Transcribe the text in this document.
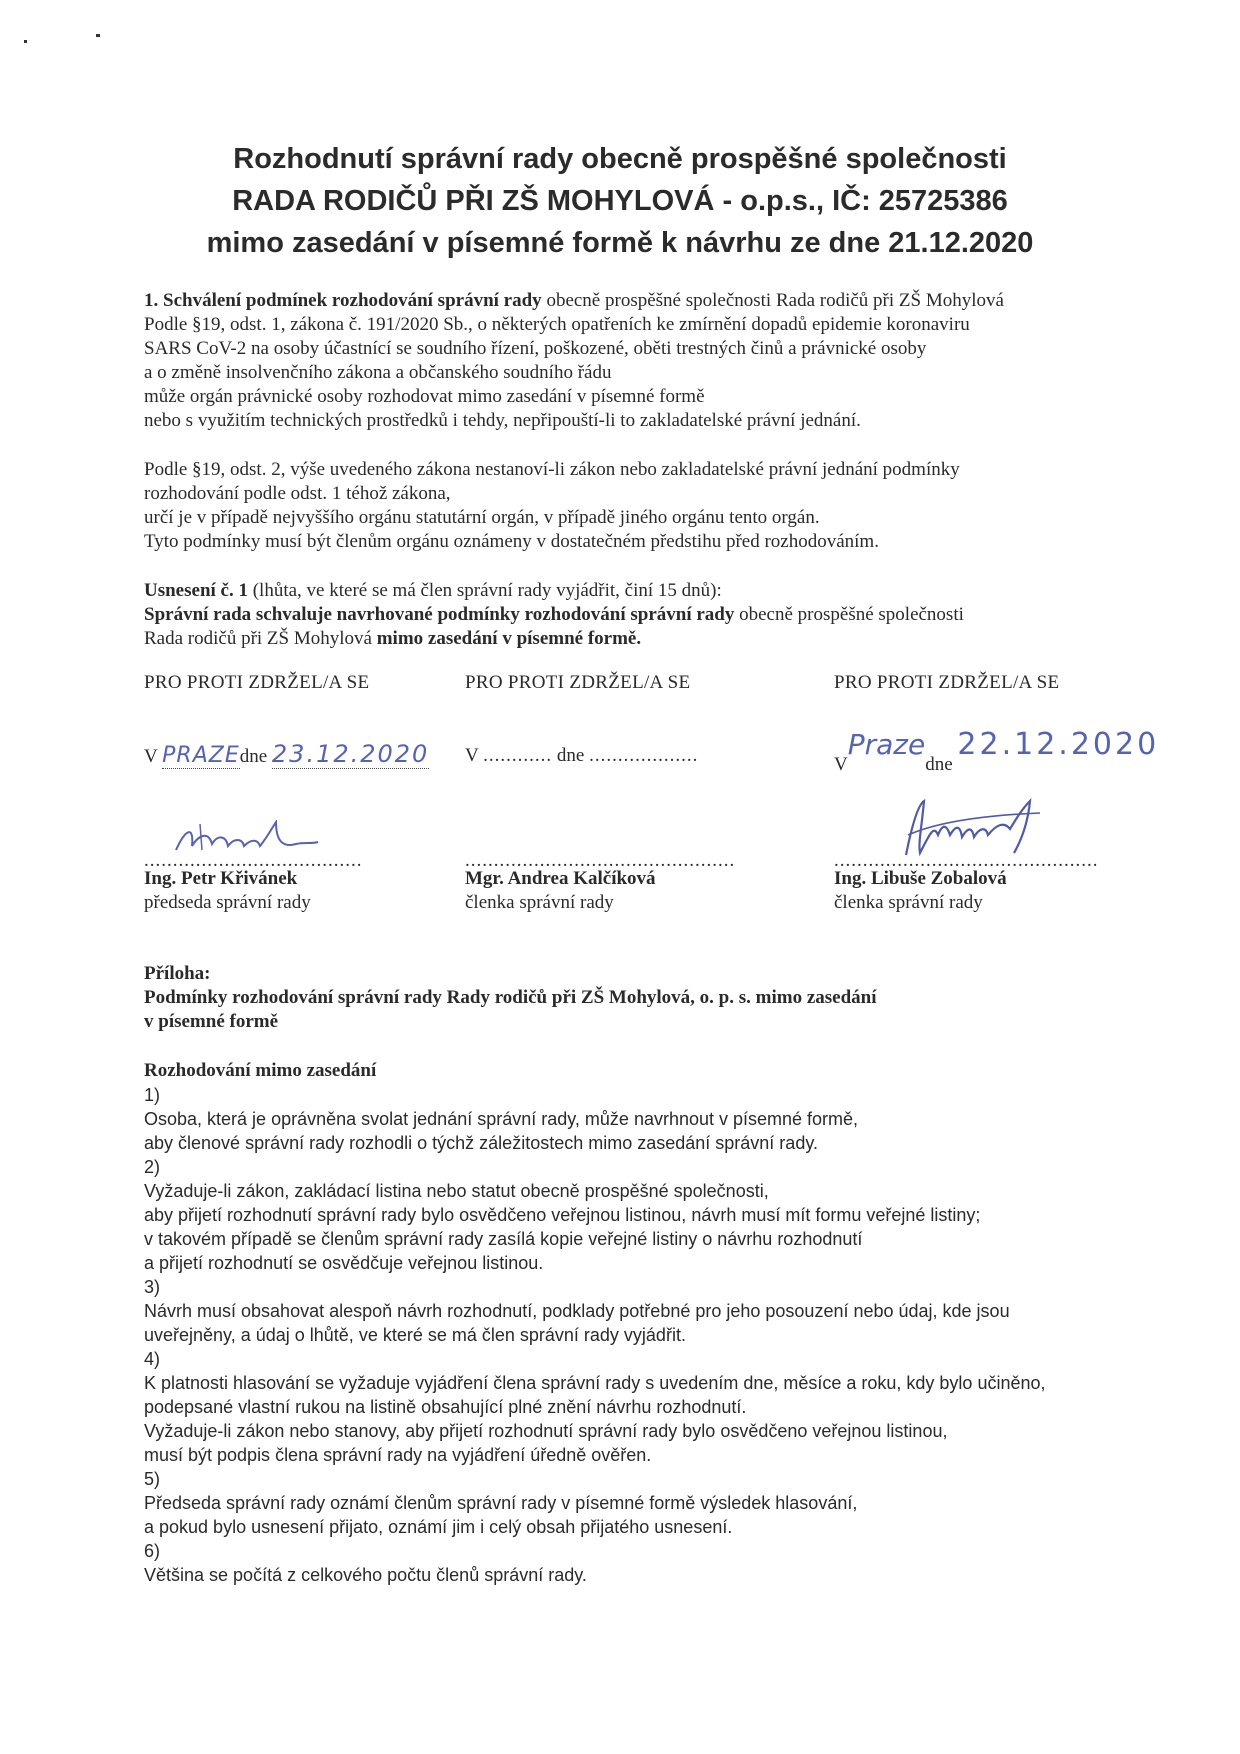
Rozhodnutí správní rady obecně prospěšné společnosti
RADA RODIČŮ PŘI ZŠ MOHYLOVÁ - o.p.s., IČ: 25725386
mimo zasedání v písemné formě k návrhu ze dne 21.12.2020
1. Schválení podmínek rozhodování správní rady obecně prospěšné společnosti Rada rodičů při ZŠ Mohylová
Podle §19, odst. 1, zákona č. 191/2020 Sb., o některých opatřeních ke zmírnění dopadů epidemie koronaviru
SARS CoV-2 na osoby účastnící se soudního řízení, poškozené, oběti trestných činů a právnické osoby
a o změně insolvenčního zákona a občanského soudního řádu
může orgán právnické osoby rozhodovat mimo zasedání v písemné formě
nebo s využitím technických prostředků i tehdy, nepřipouští-li to zakladatelské právní jednání.
Podle §19, odst. 2, výše uvedeného zákona nestanoví-li zákon nebo zakladatelské právní jednání podmínky
rozhodování podle odst. 1 téhož zákona,
určí je v případě nejvyššího orgánu statutární orgán, v případě jiného orgánu tento orgán.
Tyto podmínky musí být členům orgánu oznámeny v dostatečném předstihu před rozhodováním.
Usnesení č. 1 (lhůta, ve které se má člen správní rady vyjádřit, činí 15 dnů):
Správní rada schvaluje navrhované podmínky rozhodování správní rady obecně prospěšné společnosti
Rada rodičů při ZŠ Mohylová mimo zasedání v písemné formě.
PRO PROTI ZDRŽEL/A SE	PRO PROTI ZDRŽEL/A SE	PRO PROTI ZDRŽEL/A SE
V PRAZEdne 23.12.2020 V ............ dne ...................	VPrazedne 22.12.2020
......................................	...............................................	..............................................
Ing. Petr Křivánek
předseda správní rady
Mgr. Andrea Kalčíková
členka správní rady
Ing. Libuše Zobalová
členka správní rady
Příloha:
Podmínky rozhodování správní rady Rady rodičů při ZŠ Mohylová, o. p. s. mimo zasedání
v písemné formě
Rozhodování mimo zasedání
1)
Osoba, která je oprávněna svolat jednání správní rady, může navrhnout v písemné formě,
aby členové správní rady rozhodli o týchž záležitostech mimo zasedání správní rady.
2)
Vyžaduje-li zákon, zakládací listina nebo statut obecně prospěšné společnosti,
aby přijetí rozhodnutí správní rady bylo osvědčeno veřejnou listinou, návrh musí mít formu veřejné listiny;
v takovém případě se členům správní rady zasílá kopie veřejné listiny o návrhu rozhodnutí
a přijetí rozhodnutí se osvědčuje veřejnou listinou.
3)
Návrh musí obsahovat alespoň návrh rozhodnutí, podklady potřebné pro jeho posouzení nebo údaj, kde jsou
uveřejněny, a údaj o lhůtě, ve které se má člen správní rady vyjádřit.
4)
K platnosti hlasování se vyžaduje vyjádření člena správní rady s uvedením dne, měsíce a roku, kdy bylo učiněno,
podepsané vlastní rukou na listině obsahující plné znění návrhu rozhodnutí.
Vyžaduje-li zákon nebo stanovy, aby přijetí rozhodnutí správní rady bylo osvědčeno veřejnou listinou,
musí být podpis člena správní rady na vyjádření úředně ověřen.
5)
Předseda správní rady oznámí členům správní rady v písemné formě výsledek hlasování,
a pokud bylo usnesení přijato, oznámí jim i celý obsah přijatého usnesení.
6)
Většina se počítá z celkového počtu členů správní rady.
